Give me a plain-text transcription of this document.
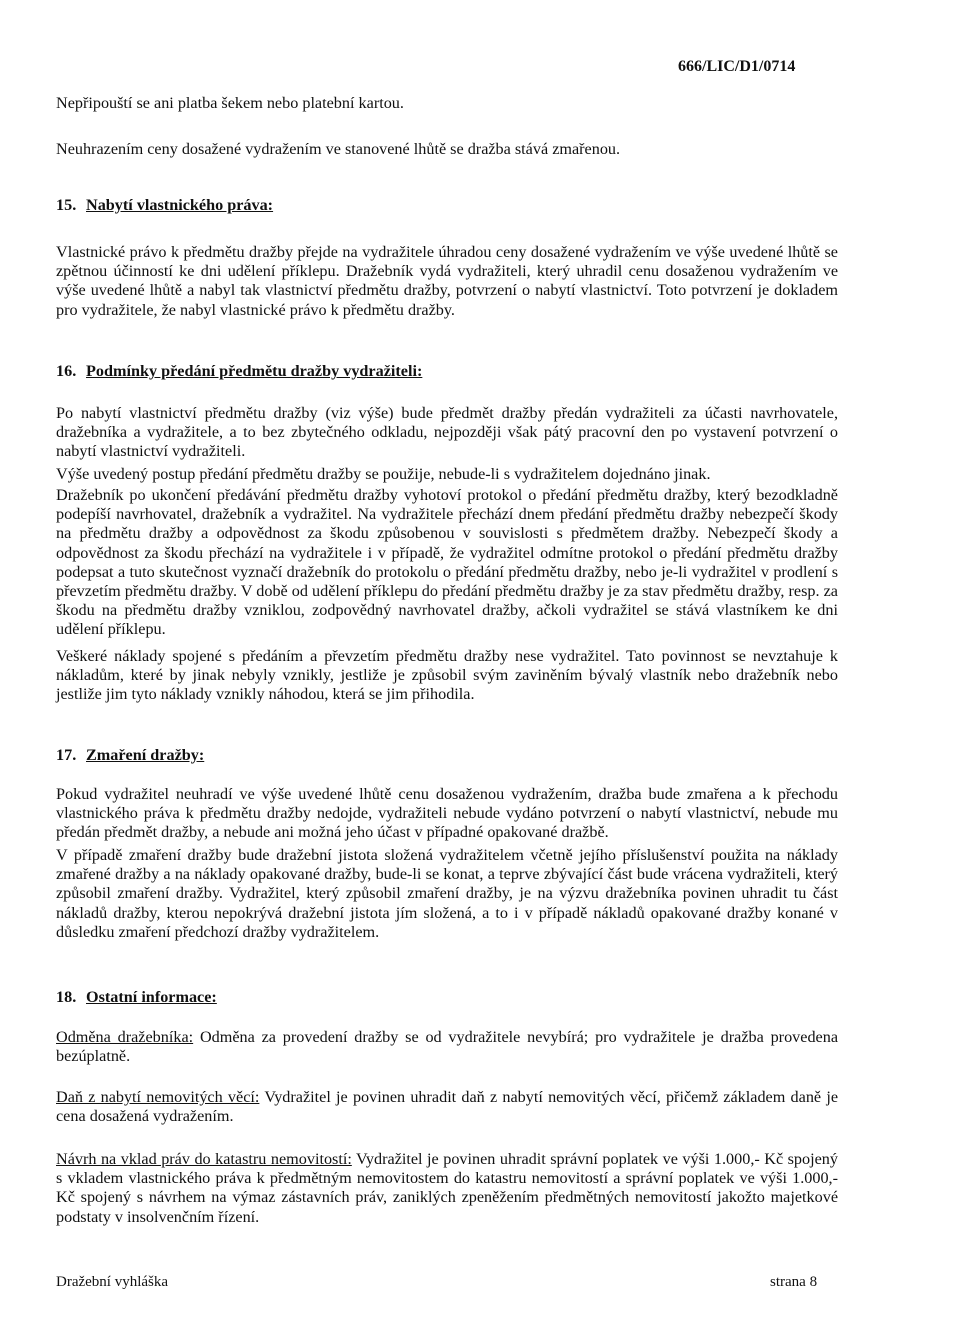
666/LIC/D1/0714

Nepřipouští se ani platba šekem nebo platební kartou.

Neuhrazením ceny dosažené vydražením ve stanovené lhůtě se dražba stává zmařenou.

15. Nabytí vlastnického práva:

Vlastnické právo k předmětu dražby přejde na vydražitele úhradou ceny dosažené vydražením ve výše uvedené lhůtě se zpětnou účinností ke dni udělení příklepu. Dražebník vydá vydražiteli, který uhradil cenu dosaženou vydražením ve výše uvedené lhůtě a nabyl tak vlastnictví předmětu dražby, potvrzení o nabytí vlastnictví. Toto potvrzení je dokladem pro vydražitele, že nabyl vlastnické právo k předmětu dražby.

16. Podmínky předání předmětu dražby vydražiteli:

Po nabytí vlastnictví předmětu dražby (viz výše) bude předmět dražby předán vydražiteli za účasti navrhovatele, dražebníka a vydražitele, a to bez zbytečného odkladu, nejpozději však pátý pracovní den po vystavení potvrzení o nabytí vlastnictví vydražiteli.

Výše uvedený postup předání předmětu dražby se použije, nebude-li s vydražitelem dojednáno jinak.

Dražebník po ukončení předávání předmětu dražby vyhotoví protokol o předání předmětu dražby, který bezodkladně podepíší navrhovatel, dražebník a vydražitel. Na vydražitele přechází dnem předání předmětu dražby nebezpečí škody na předmětu dražby a odpovědnost za škodu způsobenou v souvislosti s předmětem dražby. Nebezpečí škody a odpovědnost za škodu přechází na vydražitele i v případě, že vydražitel odmítne protokol o předání předmětu dražby podepsat a tuto skutečnost vyznačí dražebník do protokolu o předání předmětu dražby, nebo je-li vydražitel v prodlení s převzetím předmětu dražby. V době od udělení příklepu do předání předmětu dražby je za stav předmětu dražby, resp. za škodu na předmětu dražby vzniklou, zodpovědný navrhovatel dražby, ačkoli vydražitel se stává vlastníkem ke dni udělení příklepu.

Veškeré náklady spojené s předáním a převzetím předmětu dražby nese vydražitel. Tato povinnost se nevztahuje k nákladům, které by jinak nebyly vznikly, jestliže je způsobil svým zaviněním bývalý vlastník nebo dražebník nebo jestliže jim tyto náklady vznikly náhodou, která se jim přihodila.

17. Zmaření dražby:

Pokud vydražitel neuhradí ve výše uvedené lhůtě cenu dosaženou vydražením, dražba bude zmařena a k přechodu vlastnického práva k předmětu dražby nedojde, vydražiteli nebude vydáno potvrzení o nabytí vlastnictví, nebude mu předán předmět dražby, a nebude ani možná jeho účast v případné opakované dražbě.

V případě zmaření dražby bude dražební jistota složená vydražitelem včetně jejího příslušenství použita na náklady zmařené dražby a na náklady opakované dražby, bude-li se konat, a teprve zbývající část bude vrácena vydražiteli, který způsobil zmaření dražby. Vydražitel, který způsobil zmaření dražby, je na výzvu dražebníka povinen uhradit tu část nákladů dražby, kterou nepokrývá dražební jistota jím složená, a to i v případě nákladů opakované dražby konané v důsledku zmaření předchozí dražby vydražitelem.

18. Ostatní informace:

Odměna dražebníka: Odměna za provedení dražby se od vydražitele nevybírá; pro vydražitele je dražba provedena bezúplatně.

Daň z nabytí nemovitých věcí: Vydražitel je povinen uhradit daň z nabytí nemovitých věcí, přičemž základem daně je cena dosažená vydražením.

Návrh na vklad práv do katastru nemovitostí: Vydražitel je povinen uhradit správní poplatek ve výši 1.000,- Kč spojený s vkladem vlastnického práva k předmětným nemovitostem do katastru nemovitostí a správní poplatek ve výši 1.000,- Kč spojený s návrhem na výmaz zástavních práv, zaniklých zpeněžením předmětných nemovitostí jakožto majetkové podstaty v insolvenčním řízení.

Dražební vyhláška	strana 8
